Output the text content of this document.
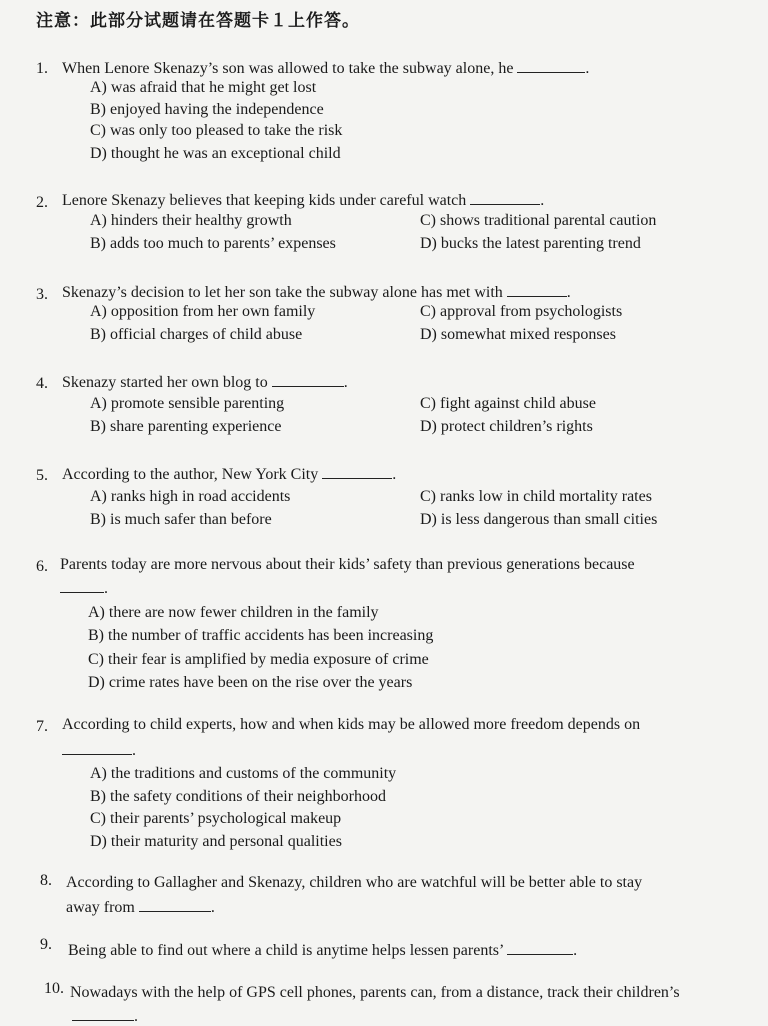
注意：此部分试题请在答题卡１上作答。
1. When Lenore Skenazy’s son was allowed to take the subway alone, he	.
A) was afraid that he might get lost
B) enjoyed having the independence
C) was only too pleased to take the risk
D) thought he was an exceptional child
2. Lenore Skenazy believes that keeping kids under careful watch	.
A) hinders their healthy growth
B) adds too much to parents’ expenses
C) shows traditional parental caution
D) bucks the latest parenting trend
3. Skenazy’s decision to let her son take the subway alone has met with	.
A) opposition from her own family
B) official charges of child abuse
C) approval from psychologists
D) somewhat mixed responses
4. Skenazy started her own blog to	.
A) promote sensible parenting
B) share parenting experience
C) fight against child abuse
D) protect children’s rights
5. According to the author, New York City	.
A) ranks high in road accidents
B) is much safer than before
C) ranks low in child mortality rates
D) is less dangerous than small cities
6. Parents today are more nervous about their kids’ safety than previous generations because
.
A) there are now fewer children in the family
B) the number of traffic accidents has been increasing
C) their fear is amplified by media exposure of crime
D) crime rates have been on the rise over the years
7. According to child experts, how and when kids may be allowed more freedom depends on
.
A) the traditions and customs of the community
B) the safety conditions of their neighborhood
C) their parents’ psychological makeup
D) their maturity and personal qualities
8. According to Gallagher and Skenazy, children who are watchful will be better able to stay
away from	.
9. Being able to find out where a child is anytime helps lessen parents’	.
10. Nowadays with the help of GPS cell phones, parents can, from a distance, track their children’s
.
